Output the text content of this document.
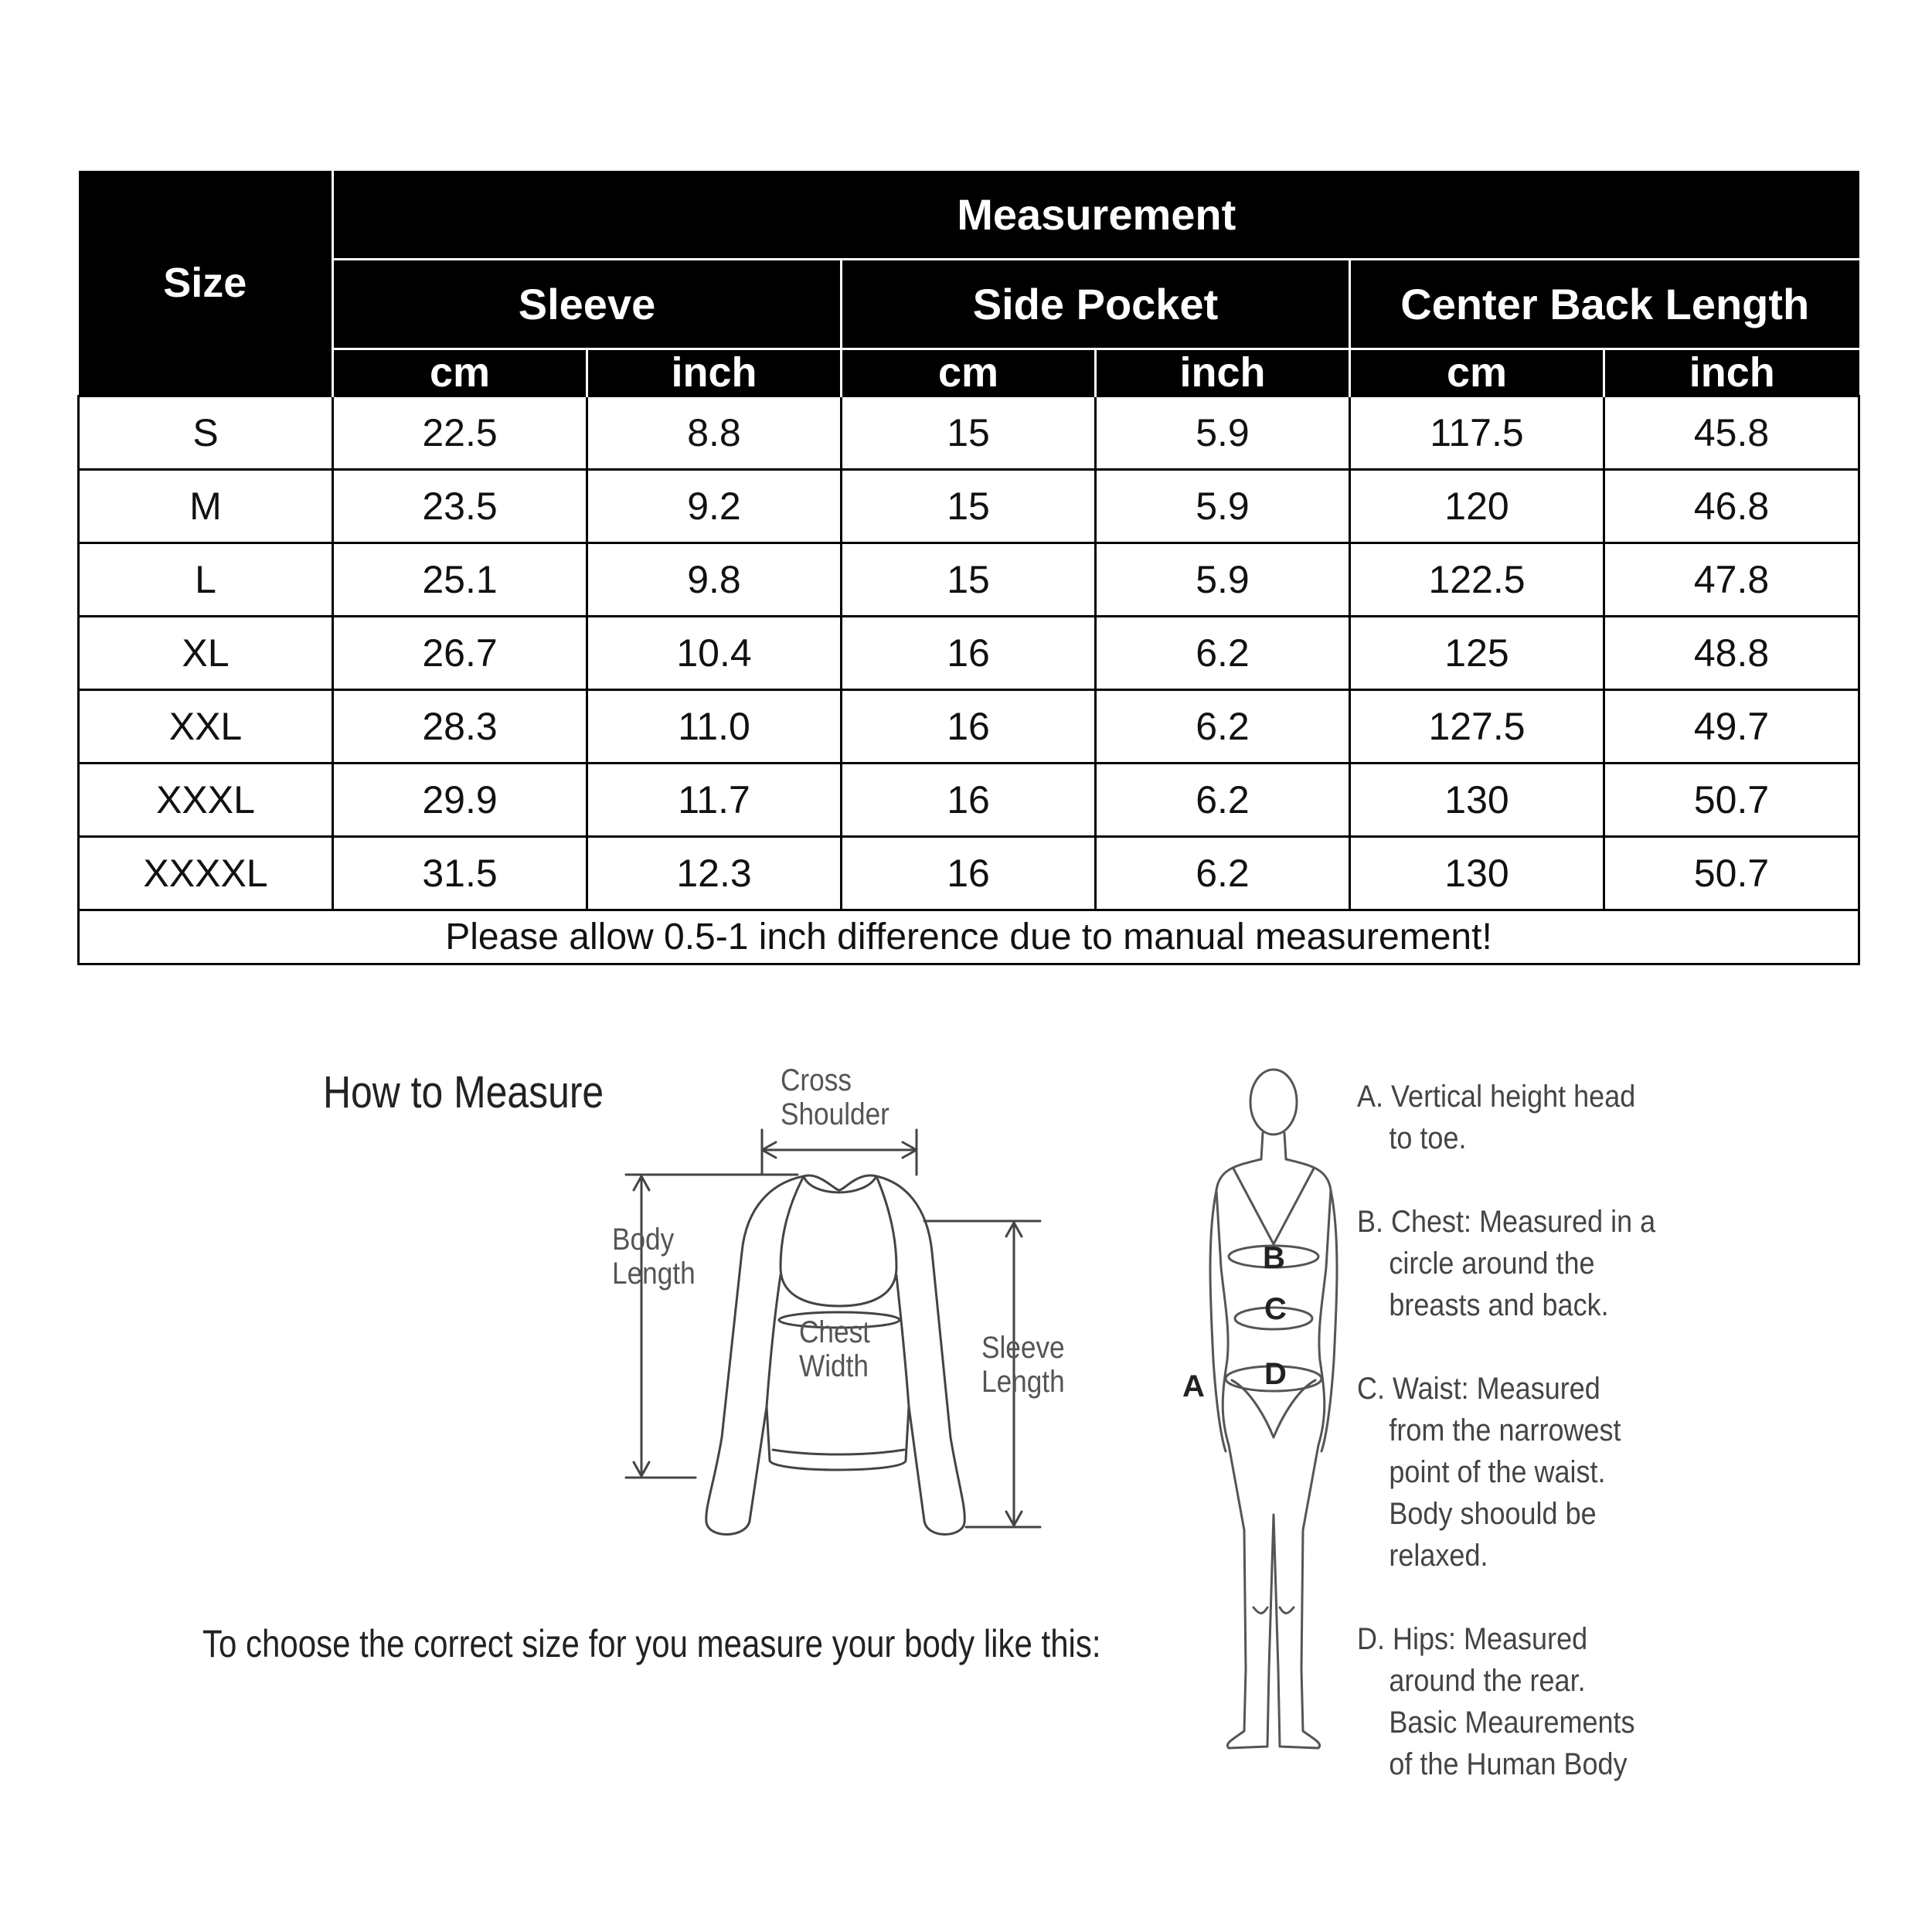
Size	Measurement					
	Sleeve		Side Pocket		Center Back Length	
	cm	inch	cm	inch	cm	inch
S	22.5	8.8	15	5.9	117.5	45.8
M	23.5	9.2	15	5.9	120	46.8
L	25.1	9.8	15	5.9	122.5	47.8
XL	26.7	10.4	16	6.2	125	48.8
XXL	28.3	11.0	16	6.2	127.5	49.7
XXXL	29.9	11.7	16	6.2	130	50.7
XXXXL	31.5	12.3	16	6.2	130	50.7
Please allow 0.5-1 inch difference due to manual measurement!						
How to Measure
To choose the correct size for you measure your body like this:
Cross
Shoulder
Body
Length
Chest
Width
Sleeve
Length	A
B
C
D
A. Vertical height head
to toe.
B. Chest: Measured in a
circle around the
breasts and back.
C. Waist: Measured
from the narrowest
point of the waist.
Body shoould be
relaxed.
D. Hips: Measured
around the rear.
Basic Meaurements
of the Human Body
